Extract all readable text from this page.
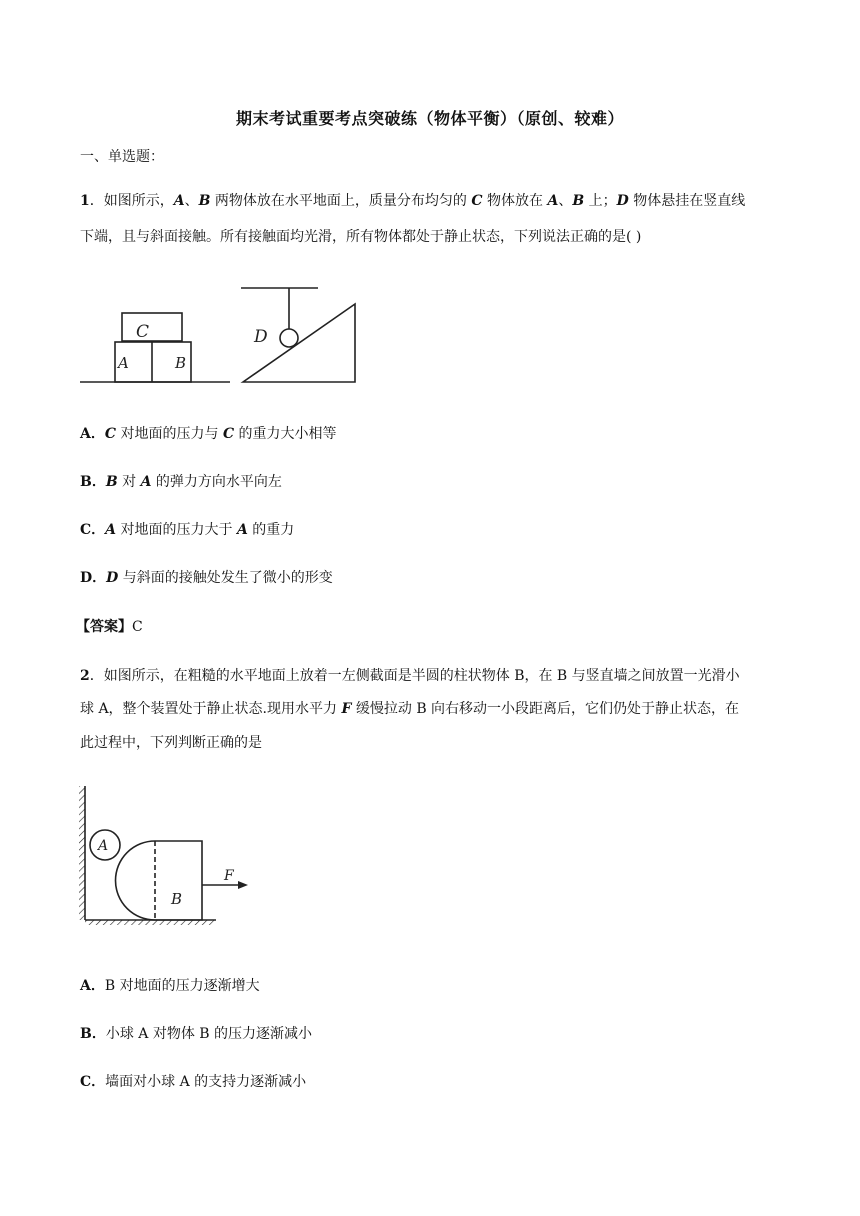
期末考试重要考点突破练（物体平衡）（原创、较难）
一、单选题：
1．如图所示，A、B 两物体放在水平地面上，质量分布均匀的 C 物体放在 A、B 上；D 物体悬挂在竖直线
下端，且与斜面接触。所有接触面均光滑，所有物体都处于静止状态，下列说法正确的是( )
C
A	B
D
A．C 对地面的压力与 C 的重力大小相等
B．B 对 A 的弹力方向水平向左
C．A 对地面的压力大于 A 的重力
D．D 与斜面的接触处发生了微小的形变
【答案】C
2．如图所示，在粗糙的水平地面上放着一左侧截面是半圆的柱状物体 B，在 B 与竖直墙之间放置一光滑小
球 A，整个装置处于静止状态.现用水平力 F 缓慢拉动 B 向右移动一小段距离后，它们仍处于静止状态，在
此过程中，下列判断正确的是
A
B
F
A．B 对地面的压力逐渐增大
B．小球 A 对物体 B 的压力逐渐减小
C．墙面对小球 A 的支持力逐渐减小
